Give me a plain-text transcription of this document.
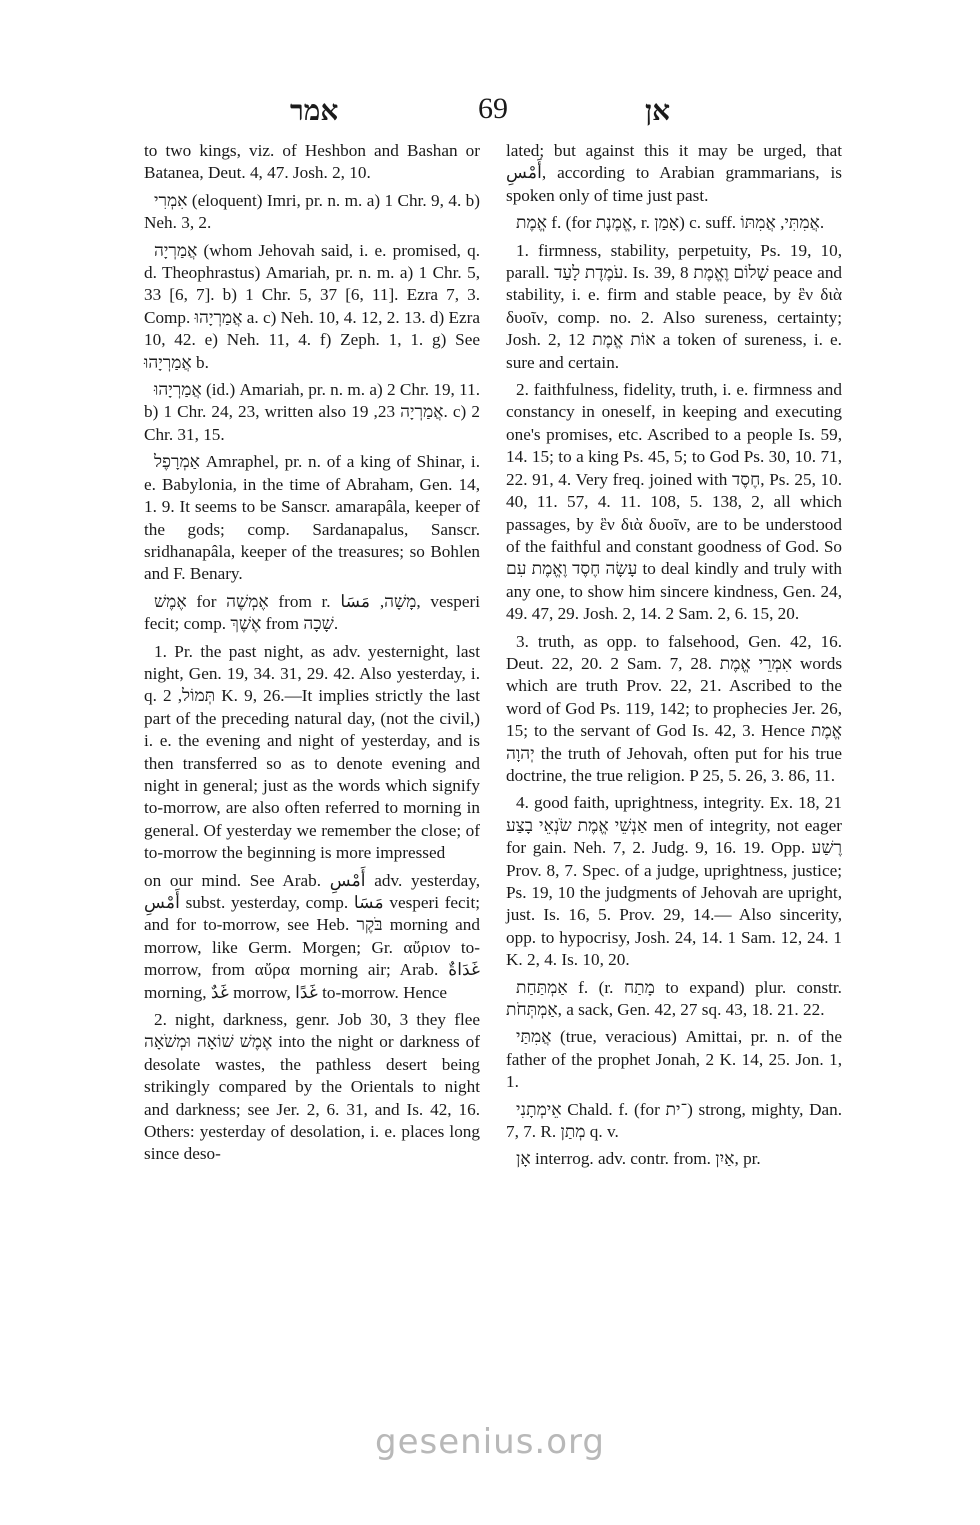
אמר	69	אן

to two kings, viz. of Heshbon and Bashan or Batanea, Deut. 4, 47. Josh. 2, 10.

אִמְרִי (eloquent) Imri, pr. n. m. a) 1 Chr. 9, 4. b) Neh. 3, 2.

אֲמַרְיָה (whom Jehovah said, i. e. promised, q. d. Theophrastus) Amariah, pr. n. m. a) 1 Chr. 5, 33 [6, 7]. b) 1 Chr. 5, 37 [6, 11]. Ezra 7, 3. Comp. אֲמַרְיָהוּ a. c) Neh. 10, 4. 12, 2. 13. d) Ezra 10, 42. e) Neh. 11, 4. f) Zeph. 1, 1. g) See אֲמַרְיָהוּ b.

אֲמַרְיָהוּ (id.) Amariah, pr. n. m. a) 2 Chr. 19, 11. b) 1 Chr. 24, 23, written also אֲמַרְיָה 23, 19. c) 2 Chr. 31, 15.

אַמְרָפֶל Amraphel, pr. n. of a king of Shinar, i. e. Babylonia, in the time of Abraham, Gen. 14, 1. 9. It seems to be Sanscr. amarapâla, keeper of the gods; comp. Sardanapalus, Sanscr. sridhanapâla, keeper of the treasures; so Bohlen and F. Benary.

אֶמֶשׁ for אֶמְשֶׁה from r. מָשָׁה, مَسَا, vesperi fecit; comp. אֶשֶׁךְ from שָׁכָה.

1. Pr. the past night, as adv. yesternight, last night, Gen. 19, 34. 31, 29. 42. Also yesterday, i. q. תְּמוֹל, 2 K. 9, 26.—It implies strictly the last part of the preceding natural day, (not the civil,) i. e. the evening and night of yesterday, and is then transferred so as to denote evening and night in general; just as the words which signify to-morrow, are also often referred to morning in general. Of yesterday we remember the close; of to-morrow the beginning is more impressed

on our mind. See Arab. أَمْسِ adv. yesterday, أَمْسِ subst. yesterday, comp. مَسَا vesperi fecit; and for to-morrow, see Heb. בֹּקֶר morning and morrow, like Germ. Morgen; Gr. αὔριον to-morrow, from αὔρα morning air; Arab. غَدَاةٌ morning, غَدٌ morrow, غَدًا to-morrow. Hence

2. night, darkness, genr. Job 30, 3 they flee אֶמֶשׁ שׁוֹאָה וּמְשֹׁאָה into the night or darkness of desolate wastes, the pathless desert being strikingly compared by the Orientals to night and darkness; see Jer. 2, 6. 31, and Is. 42, 16. Others: yesterday of desolation, i. e. places long since deso-

lated; but against this it may be urged, that أَمْسِ, according to Arabian grammarians, is spoken only of time just past.

אֱמֶת f. (for אֱמֶנֶת, r. אָמַן) c. suff. אֲמִתִּי, אֲמִתּוֹ.

1. firmness, stability, perpetuity, Ps. 19, 10, parall. עֹמֶדֶת לָעַד. Is. 39, 8 שָׁלוֹם וֶאֱמֶת peace and stability, i. e. firm and stable peace, by ἓν διὰ δυοῖν, comp. no. 2. Also sureness, certainty; Josh. 2, 12 אוֹת אֱמֶת a token of sureness, i. e. sure and certain.

2. faithfulness, fidelity, truth, i. e. firmness and constancy in oneself, in keeping and executing one's promises, etc. Ascribed to a people Is. 59, 14. 15; to a king Ps. 45, 5; to God Ps. 30, 10. 71, 22. 91, 4. Very freq. joined with חֶסֶד, Ps. 25, 10. 40, 11. 57, 4. 11. 108, 5. 138, 2, all which passages, by ἓν διὰ δυοῖν, are to be understood of the faithful and constant goodness of God. So עָשָׂה חֶסֶד וֶאֱמֶת עִם to deal kindly and truly with any one, to show him sincere kindness, Gen. 24, 49. 47, 29. Josh. 2, 14. 2 Sam. 2, 6. 15, 20.

3. truth, as opp. to falsehood, Gen. 42, 16. Deut. 22, 20. 2 Sam. 7, 28. אִמְרֵי אֱמֶת words which are truth Prov. 22, 21. Ascribed to the word of God Ps. 119, 142; to prophecies Jer. 26, 15; to the servant of God Is. 42, 3. Hence אֱמֶת יְהוָה the truth of Jehovah, often put for his true doctrine, the true religion. P 25, 5. 26, 3. 86, 11.

4. good faith, uprightness, integrity. Ex. 18, 21 אַנְשֵׁי אֱמֶת שֹׂנְאֵי בָצַע men of integrity, not eager for gain. Neh. 7, 2. Judg. 9, 16. 19. Opp. רֶשַׁע Prov. 8, 7. Spec. of a judge, uprightness, justice; Ps. 19, 10 the judgments of Jehovah are upright, just. Is. 16, 5. Prov. 29, 14.— Also sincerity, opp. to hypocrisy, Josh. 24, 14. 1 Sam. 12, 24. 1 K. 2, 4. Is. 10, 20.

אַמְתַּחַת f. (r. מָתַח to expand) plur. constr. אַמְתְּחֹת, a sack, Gen. 42, 27 sq. 43, 18. 21. 22.

אֲמִתַּי (true, veracious) Amittai, pr. n. of the father of the prophet Jonah, 2 K. 14, 25. Jon. 1, 1.

אֵימְתָנִי Chald. f. (for ־ית) strong, mighty, Dan. 7, 7. R. מְתַן q. v.

אָן interrog. adv. contr. from. אַיִן, pr.

gesenius.org
